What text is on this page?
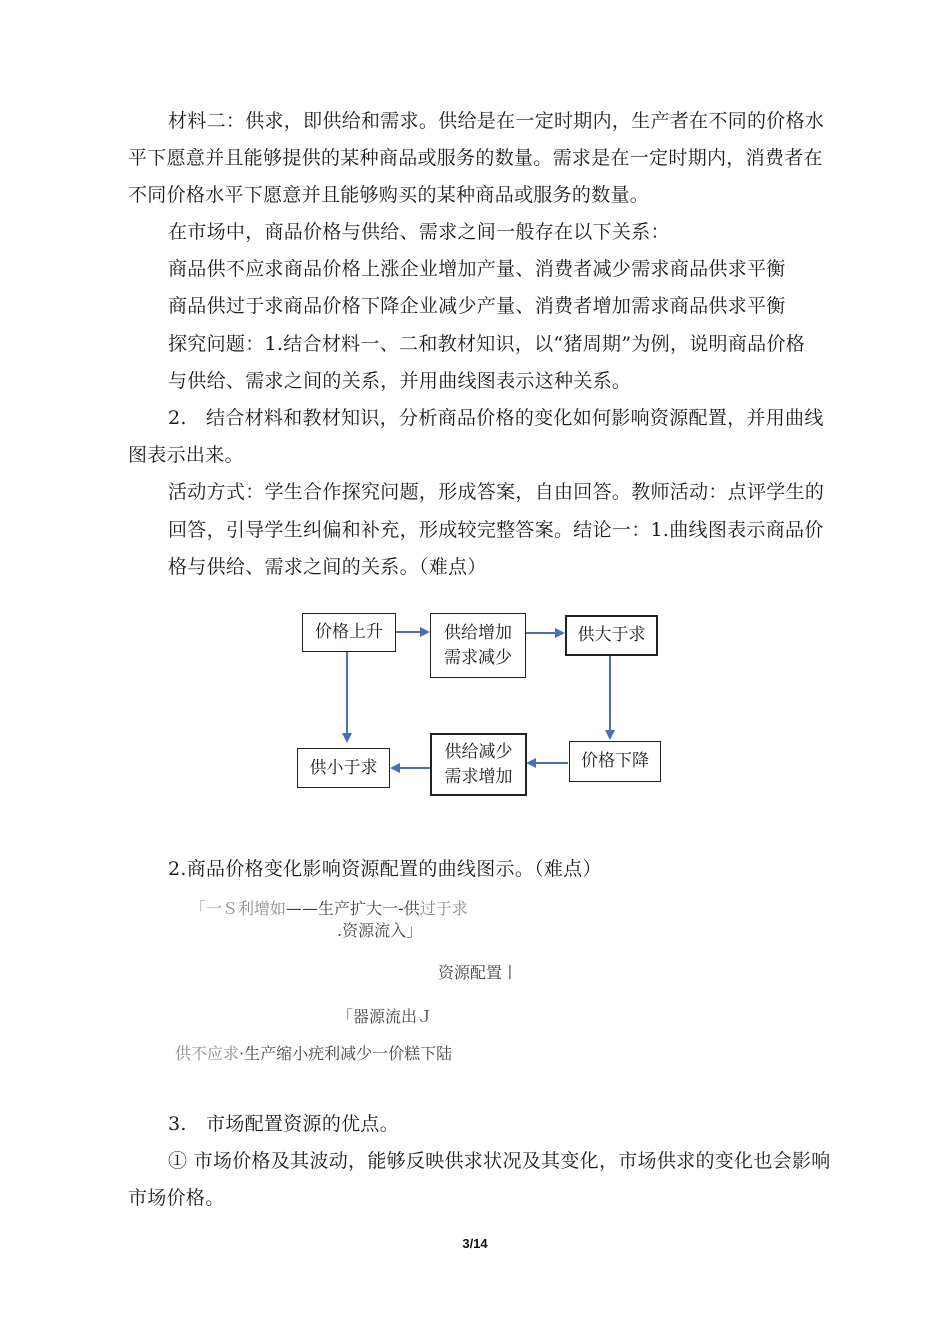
材料二：供求，即供给和需求。供给是在一定时期内，生产者在不同的价格水
平下愿意并且能够提供的某种商品或服务的数量。需求是在一定时期内，消费者在
不同价格水平下愿意并且能够购买的某种商品或服务的数量。
在市场中，商品价格与供给、需求之间一般存在以下关系：
商品供不应求商品价格上涨企业增加产量、消费者减少需求商品供求平衡
商品供过于求商品价格下降企业减少产量、消费者增加需求商品供求平衡
探究问题：1.结合材料一、二和教材知识，以“猪周期”为例，说明商品价格
与供给、需求之间的关系，并用曲线图表示这种关系。
2.　结合材料和教材知识，分析商品价格的变化如何影响资源配置，并用曲线
图表示出来。
活动方式：学生合作探究问题，形成答案，自由回答。教师活动：点评学生的
回答，引导学生纠偏和补充，形成较完整答案。结论一：1.曲线图表示商品价
格与供给、需求之间的关系。（难点）
价格上升	供给增加
需求减少
供大于求
价格下降
供给减少
需求增加
供小于求
2.商品价格变化影响资源配置的曲线图示。（难点）
「一Ｓ利增如——生产扩大一-供过于求
.资源流入」
资源配置丨
「器源流出Ｊ
供不应求·生产缩小疣利减少一价糕下陆
3.　市场配置资源的优点。
① 市场价格及其波动，能够反映供求状况及其变化，市场供求的变化也会影响
市场价格。
3/14
